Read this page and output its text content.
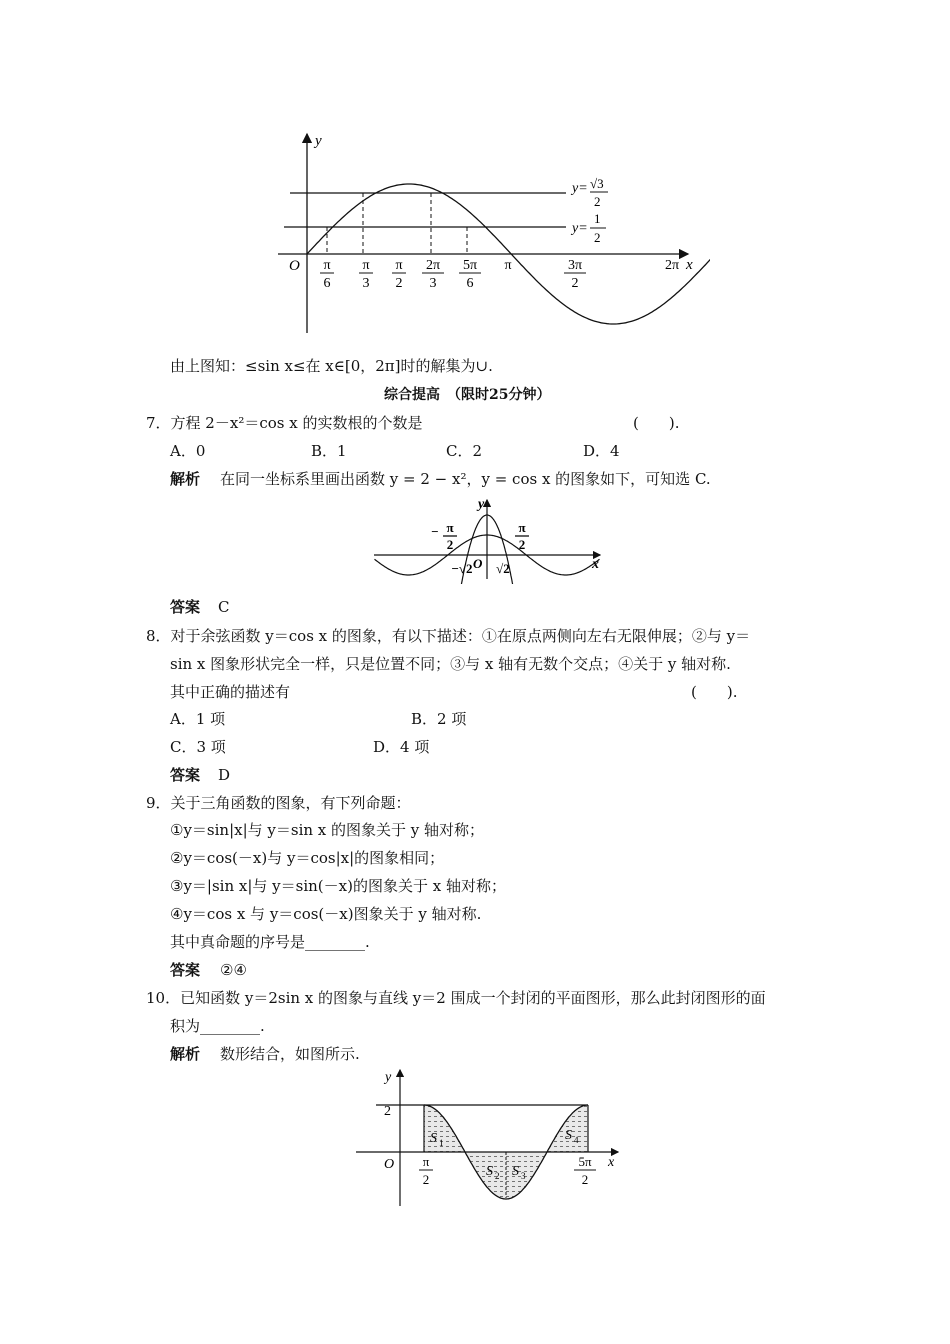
y
x
O
y= √3
2
y=
1
2
π
6
π
3
π
2
2π
3
5π
6
π	3π
2
2π
由上图知：≤sin x≤在 x∈[0，2π]时的解集为∪.
综合提高　（限时25分钟）
7．方程 2－x²＝cos x 的实数根的个数是	(　　).
A．0	B．1	C．2	D．4
解析 在同一坐标系里画出函数 y = 2 − x²，y = cos x 的图象如下，可知选 C.
y
x
O
− π
2
π
2
−√2 √2
答案 C
8．对于余弦函数 y＝cos x 的图象，有以下描述：①在原点两侧向左右无限伸展；②与 y＝
sin x 图象形状完全一样，只是位置不同；③与 x 轴有无数个交点；④关于 y 轴对称.
其中正确的描述有	(　　).
A．1 项	B．2 项
C．3 项	D．4 项
答案 D
9．关于三角函数的图象，有下列命题：
①y＝sin|x|与 y＝sin x 的图象关于 y 轴对称；
②y＝cos(－x)与 y＝cos|x|的图象相同；
③y＝|sin x|与 y＝sin(－x)的图象关于 x 轴对称；
④y＝cos x 与 y＝cos(－x)图象关于 y 轴对称.
其中真命题的序号是________.
答案 ②④
10．已知函数 y＝2sin x 的图象与直线 y＝2 围成一个封闭的平面图形，那么此封闭图形的面
积为________.
解析 数形结合，如图所示.
y
x
O
2
π
2
5π
2
S 1
S 2 S 3
S 4
